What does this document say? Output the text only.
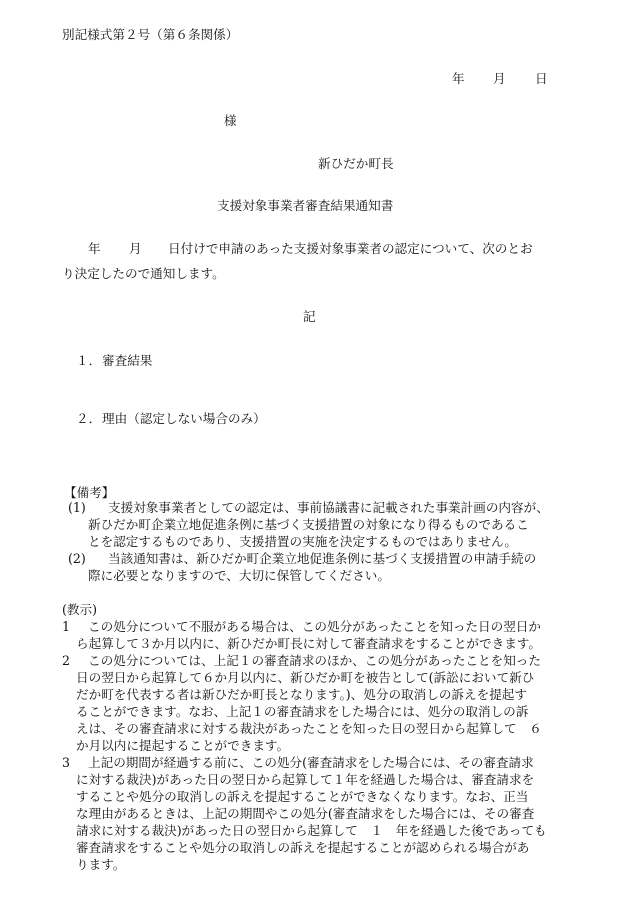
別記様式第２号（第６条関係）
年 月 日
様
新ひだか町長
支援対象事業者審査結果通知書
年 月 日付けで申請のあった支援対象事業者の認定について、次のとお
り決定したので通知します。
記
１． 審査結果
２． 理由（認定しない場合のみ）
【備考】
(1) 支援対象事業者としての認定は、事前協議書に記載された事業計画の内容が、
新ひだか町企業立地促進条例に基づく支援措置の対象になり得るものであるこ
とを認定するものであり、支援措置の実施を決定するものではありません。
(2) 当該通知書は、新ひだか町企業立地促進条例に基づく支援措置の申請手続の
際に必要となりますので、大切に保管してください。
(教示)
1 この処分について不服がある場合は、この処分があったことを知った日の翌日か
ら起算して３か月以内に、新ひだか町長に対して審査請求をすることができます。
2 この処分については、上記１の審査請求のほか、この処分があったことを知った
日の翌日から起算して６か月以内に、新ひだか町を被告として(訴訟において新ひ
だか町を代表する者は新ひだか町長となります。)、処分の取消しの訴えを提起す
ることができます。なお、上記１の審査請求をした場合には、処分の取消しの訴
えは、その審査請求に対する裁決があったことを知った日の翌日から起算して　６
か月以内に提起することができます。
3 上記の期間が経過する前に、この処分(審査請求をした場合には、その審査請求
に対する裁決)があった日の翌日から起算して１年を経過した場合は、審査請求を
することや処分の取消しの訴えを提起することができなくなります。なお、正当
な理由があるときは、上記の期間やこの処分(審査請求をした場合には、その審査
請求に対する裁決)があった日の翌日から起算して　１　年を経過した後であっても
審査請求をすることや処分の取消しの訴えを提起することが認められる場合があ
ります。
